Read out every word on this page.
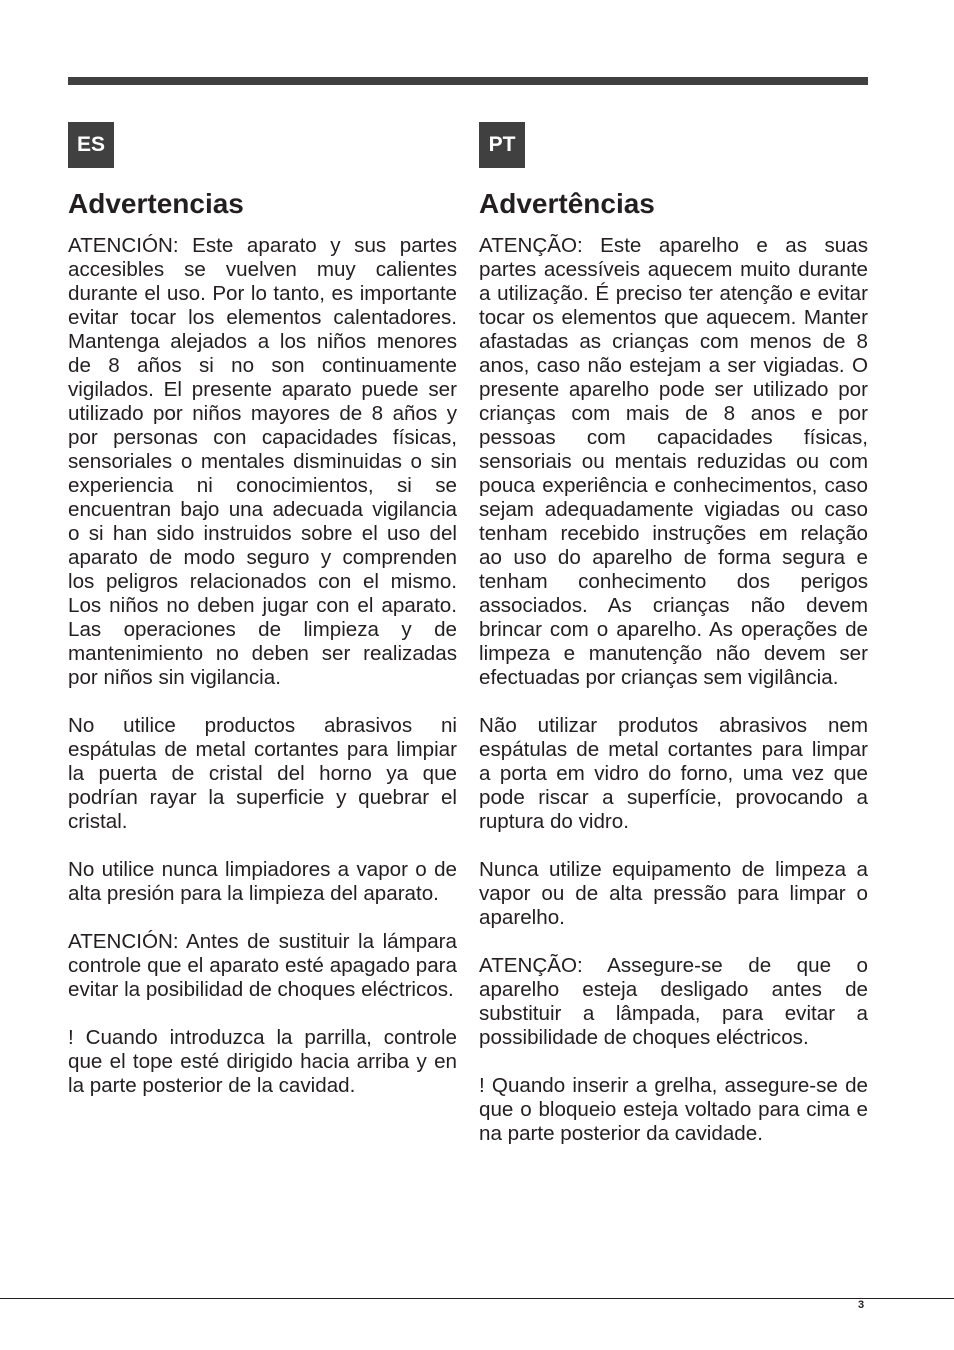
ES
Advertencias

ATENCIÓN: Este aparato y sus partes accesibles se vuelven muy calientes durante el uso. Por lo tanto, es importante evitar tocar los elementos calentadores. Mantenga alejados a los niños menores de 8 años si no son continuamente vigilados. El presente aparato puede ser utilizado por niños mayores de 8 años y por personas con capacidades físicas, sensoriales o mentales disminuidas o sin experiencia ni conocimientos, si se encuentran bajo una adecuada vigilancia o si han sido instruidos sobre el uso del aparato de modo seguro y comprenden los peligros relacionados con el mismo. Los niños no deben jugar con el aparato. Las operaciones de limpieza y de mantenimiento no deben ser realizadas por niños sin vigilancia.

No utilice productos abrasivos ni espátulas de metal cortantes para limpiar la puerta de cristal del horno ya que podrían rayar la superficie y quebrar el cristal.

No utilice nunca limpiadores a vapor o de alta presión para la limpieza del aparato.

ATENCIÓN: Antes de sustituir la lámpara controle que el aparato esté apagado para evitar la posibilidad de choques eléctricos.

! Cuando introduzca la parrilla, controle que el tope esté dirigido hacia arriba y en la parte posterior de la cavidad.

PT
Advertências

ATENÇÃO: Este aparelho e as suas partes acessíveis aquecem muito durante a utilização. É preciso ter atenção e evitar tocar os elementos que aquecem. Manter afastadas as crianças com menos de 8 anos, caso não estejam a ser vigiadas. O presente aparelho pode ser utilizado por crianças com mais de 8 anos e por pessoas com capacidades físicas, sensoriais ou mentais reduzidas ou com pouca experiência e conhecimentos, caso sejam adequadamente vigiadas ou caso tenham recebido instruções em relação ao uso do aparelho de forma segura e tenham conhecimento dos perigos associados. As crianças não devem brincar com o aparelho. As operações de limpeza e manutenção não devem ser efectuadas por crianças sem vigilância.

Não utilizar produtos abrasivos nem espátulas de metal cortantes para limpar a porta em vidro do forno, uma vez que pode riscar a superfície, provocando a ruptura do vidro.

Nunca utilize equipamento de limpeza a vapor ou de alta pressão para limpar o aparelho.

ATENÇÃO: Assegure-se de que o aparelho esteja desligado antes de substituir a lâmpada, para evitar a possibilidade de choques eléctricos.

! Quando inserir a grelha, assegure-se de que o bloqueio esteja voltado para cima e na parte posterior da cavidade.

3
